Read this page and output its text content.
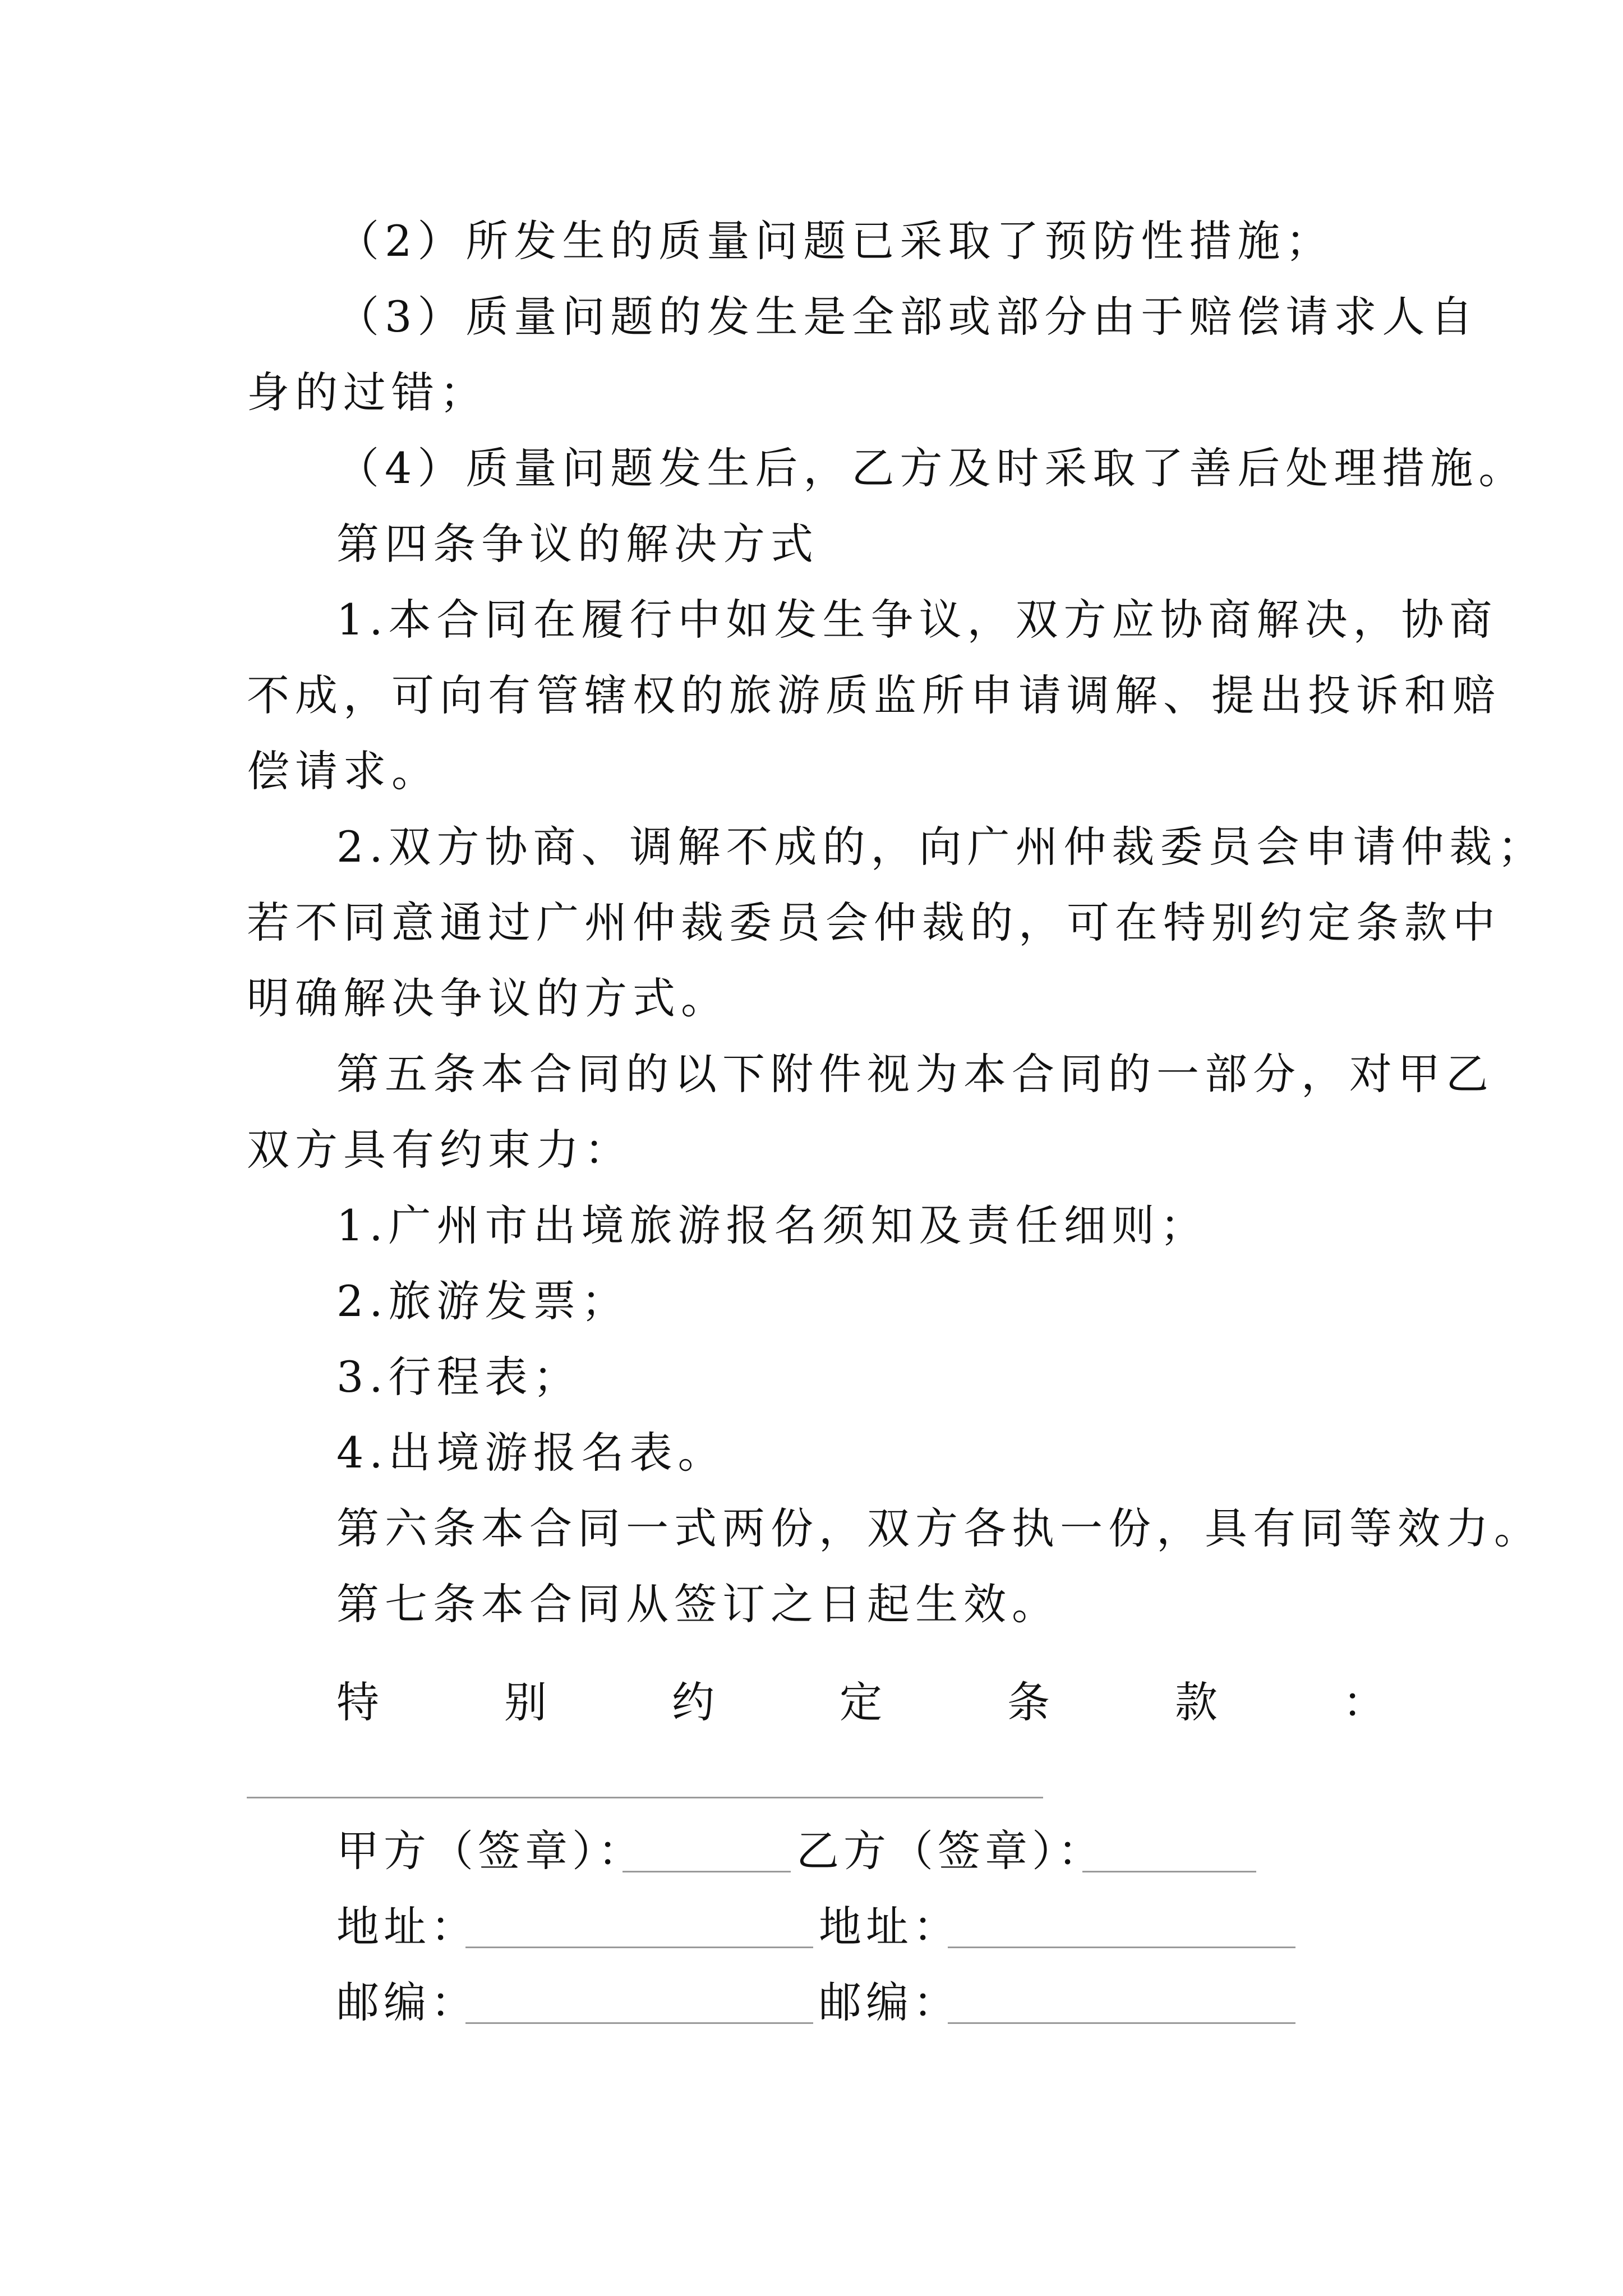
（2）所发生的质量问题已采取了预防性措施；
（3）质量问题的发生是全部或部分由于赔偿请求人自
身的过错；
（4）质量问题发生后，乙方及时采取了善后处理措施。
第四条争议的解决方式
1.本合同在履行中如发生争议，双方应协商解决，协商
不成，可向有管辖权的旅游质监所申请调解、提出投诉和赔
偿请求。
2.双方协商、调解不成的，向广州仲裁委员会申请仲裁；
若不同意通过广州仲裁委员会仲裁的，可在特别约定条款中
明确解决争议的方式。
第五条本合同的以下附件视为本合同的一部分，对甲乙
双方具有约束力：
1.广州市出境旅游报名须知及责任细则；
2.旅游发票；
3.行程表；
4.出境游报名表。
第六条本合同一式两份，双方各执一份，具有同等效力。
第七条本合同从签订之日起生效。
特	别	约	定	条	款	：
甲方（签章）：	乙方（签章）：
地址：	地址：
邮编：	邮编：
